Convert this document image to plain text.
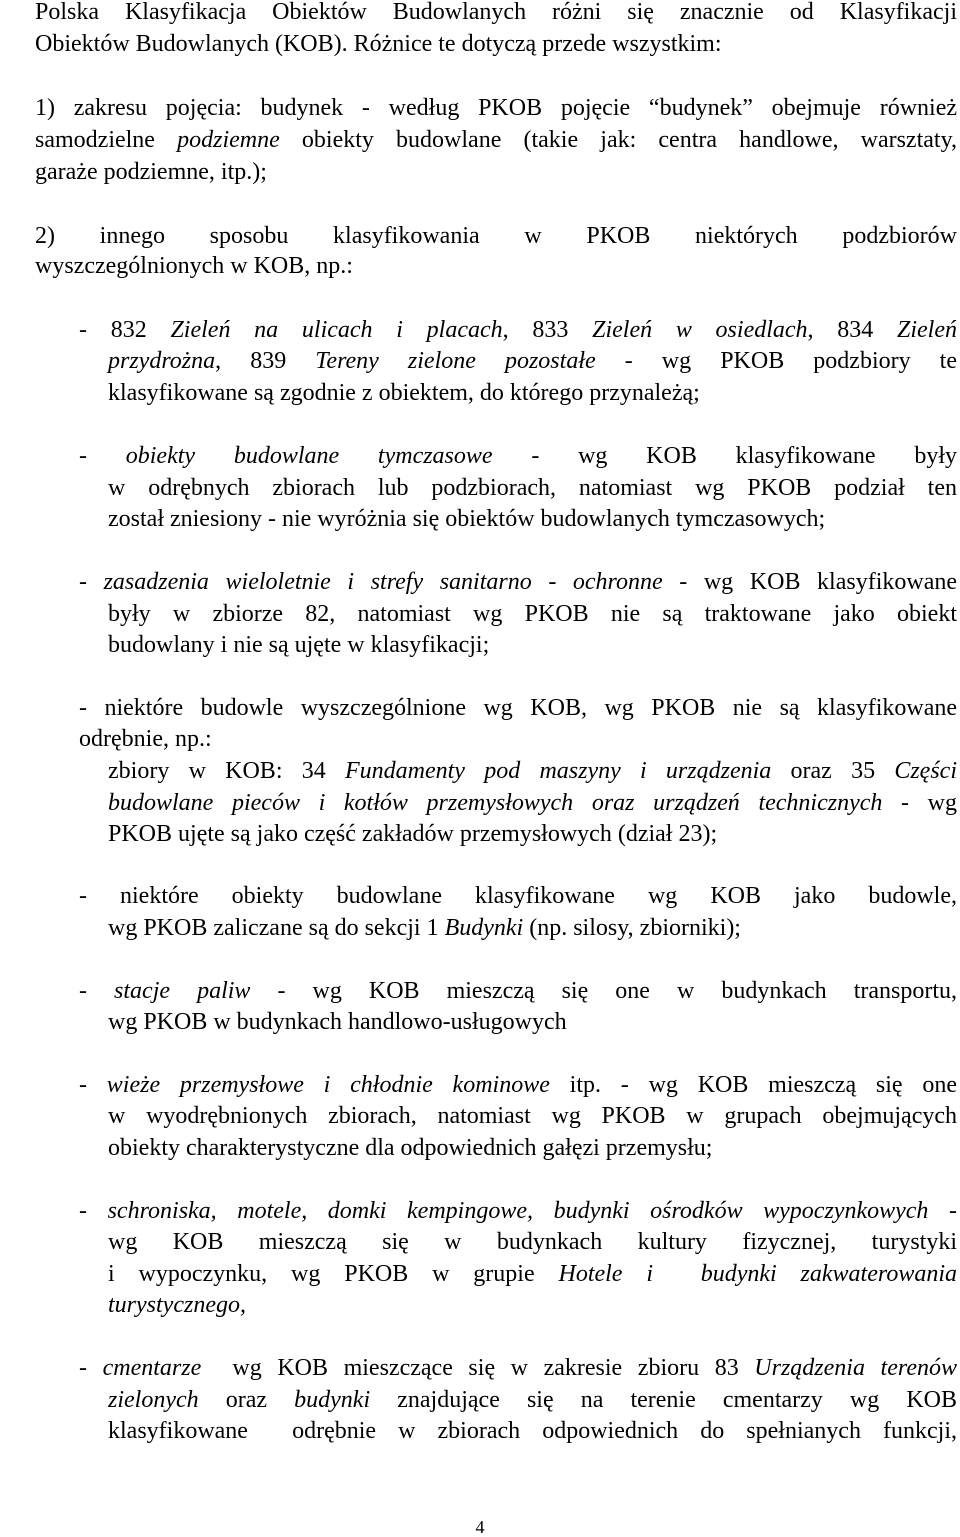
Polska Klasyfikacja Obiektów Budowlanych różni się znacznie od Klasyfikacji

Obiektów Budowlanych (KOB). Różnice te dotyczą przede wszystkim:

1) zakresu pojęcia: budynek - według PKOB pojęcie “budynek” obejmuje również

samodzielne podziemne obiekty budowlane (takie jak: centra handlowe, warsztaty,

garaże podziemne, itp.);

2) innego sposobu klasyfikowania w PKOB niektórych podzbiorów

wyszczególnionych w KOB, np.:

- 832 Zieleń na ulicach i placach, 833 Zieleń w osiedlach, 834 Zieleń

przydrożna, 839 Tereny zielone pozostałe - wg PKOB podzbiory te

klasyfikowane są zgodnie z obiektem, do którego przynależą;

- obiekty budowlane tymczasowe - wg KOB klasyfikowane były

w odrębnych zbiorach lub podzbiorach, natomiast wg PKOB podział ten

został zniesiony - nie wyróżnia się obiektów budowlanych tymczasowych;

- zasadzenia wieloletnie i strefy sanitarno - ochronne - wg KOB klasyfikowane

były w zbiorze 82, natomiast wg PKOB nie są traktowane jako obiekt

budowlany i nie są ujęte w klasyfikacji;

- niektóre budowle wyszczególnione wg KOB, wg PKOB nie są klasyfikowane

odrębnie, np.:

zbiory w KOB: 34 Fundamenty pod maszyny i urządzenia oraz 35 Części

budowlane pieców i kotłów przemysłowych oraz urządzeń technicznych - wg

PKOB ujęte są jako część zakładów przemysłowych (dział 23);

- niektóre obiekty budowlane klasyfikowane wg KOB jako budowle,

wg PKOB zaliczane są do sekcji 1 Budynki (np. silosy, zbiorniki);

- stacje paliw - wg KOB mieszczą się one w budynkach transportu,

wg PKOB w budynkach handlowo-usługowych

- wieże przemysłowe i chłodnie kominowe itp. - wg KOB mieszczą się one

w wyodrębnionych zbiorach, natomiast wg PKOB w grupach obejmujących

obiekty charakterystyczne dla odpowiednich gałęzi przemysłu;

- schroniska, motele, domki kempingowe, budynki ośrodków wypoczynkowych -

wg KOB mieszczą się w budynkach kultury fizycznej, turystyki

i wypoczynku, wg PKOB w grupie Hotele i  budynki zakwaterowania

turystycznego,

- cmentarze  wg KOB mieszczące się w zakresie zbioru 83 Urządzenia terenów

zielonych oraz budynki znajdujące się na terenie cmentarzy wg KOB

klasyfikowane  odrębnie w zbiorach odpowiednich do spełnianych funkcji,

4
